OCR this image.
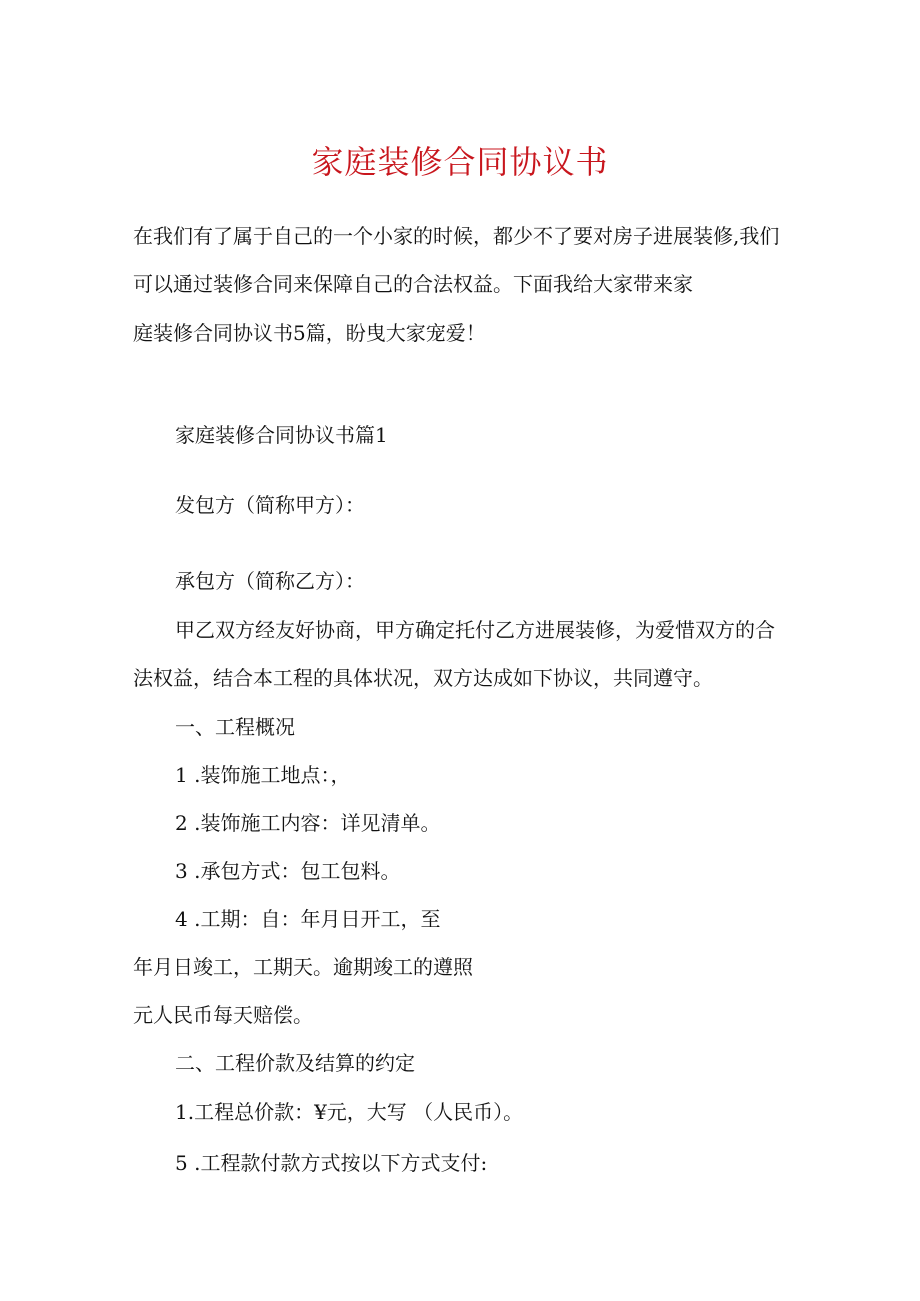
家庭装修合同协议书
在我们有了属于自己的一个小家的时候，都少不了要对房子进展装修,我们
可以通过装修合同来保障自己的合法权益。下面我给大家带来家
庭装修合同协议书5篇，盼曳大家宠爱！
家庭装修合同协议书篇1
发包方（简称甲方）：
承包方（简称乙方）：
甲乙双方经友好协商，甲方确定托付乙方进展装修，为爱惜双方的合
法权益，结合本工程的具体状况，双方达成如下协议，共同遵守。
一、工程概况
1 .装饰施工地点：，
2 .装饰施工内容：详见清单。
3 .承包方式：包工包料。
4 .工期：自：年月日开工，至
年月日竣工，工期天。逾期竣工的遵照
元人民币每天赔偿。
二、工程价款及结算的约定
1.工程总价款：¥元，大写 （人民币）。
5 .工程款付款方式按以下方式支付:
